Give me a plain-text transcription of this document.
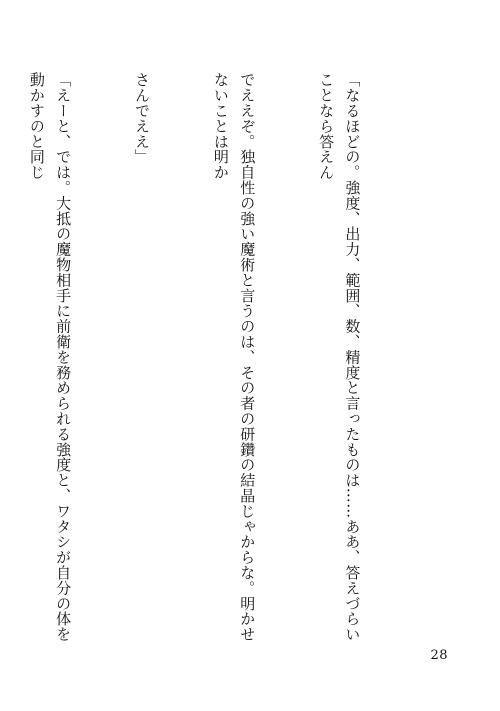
「なるほどの。強度、出力、範囲、数、精度と言ったものは……ああ、答えづらいことなら答えん

でええぞ。独自性の強い魔術と言うのは、その者の研鑽の結晶じゃからな。明かせないことは明か

さんでええ」

「えーと、では。大抵の魔物相手に前衛を務められる強度と、ワタシが自分の体を動かすのと同じ

28
